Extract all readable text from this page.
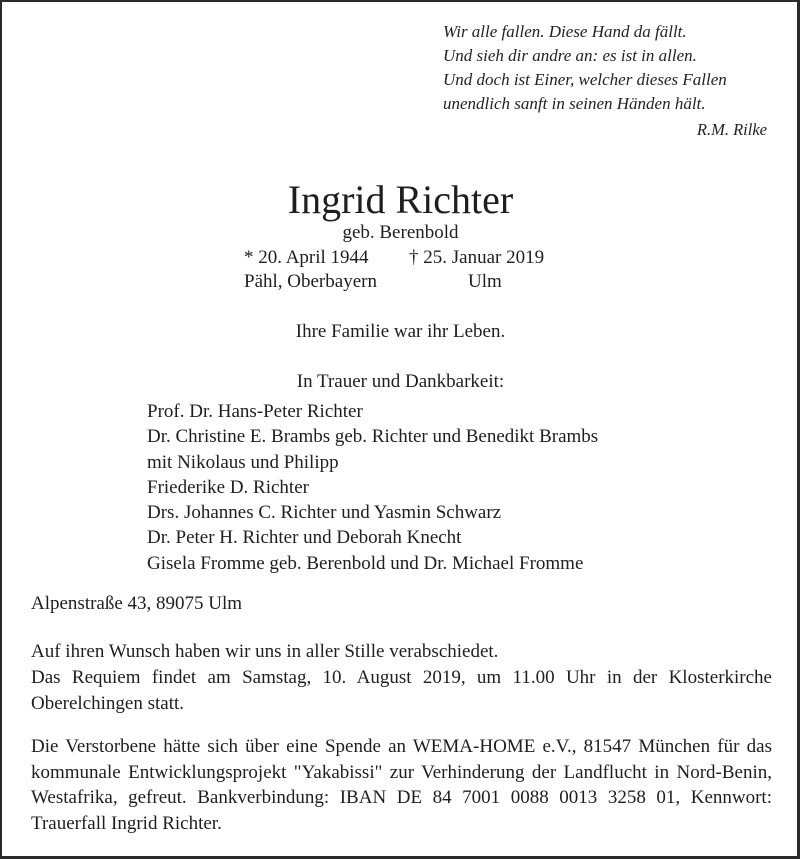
Wir alle fallen. Diese Hand da fällt.
Und sieh dir andre an: es ist in allen.
Und doch ist Einer, welcher dieses Fallen
unendlich sanft in seinen Händen hält.
R.M. Rilke
Ingrid Richter
geb. Berenbold
* 20. April 1944 † 25. Januar 2019
Pähl, Oberbayern	Ulm
Ihre Familie war ihr Leben.
In Trauer und Dankbarkeit:
Prof. Dr. Hans-Peter Richter
Dr. Christine E. Brambs geb. Richter und Benedikt Brambs
mit Nikolaus und Philipp
Friederike D. Richter
Drs. Johannes C. Richter und Yasmin Schwarz
Dr. Peter H. Richter und Deborah Knecht
Gisela Fromme geb. Berenbold und Dr. Michael Fromme
Alpenstraße 43, 89075 Ulm
Auf ihren Wunsch haben wir uns in aller Stille verabschiedet.
Das Requiem findet am Samstag, 10. August 2019, um 11.00 Uhr in der Klosterkirche Oberelchingen statt.
Die Verstorbene hätte sich über eine Spende an WEMA-HOME e.V., 81547 München für das kommunale Entwicklungsprojekt "Yakabissi" zur Verhinderung der Landflucht in Nord-Benin, Westafrika, gefreut. Bankverbindung: IBAN DE 84 7001 0088 0013 3258 01, Kennwort: Trauerfall Ingrid Richter.
